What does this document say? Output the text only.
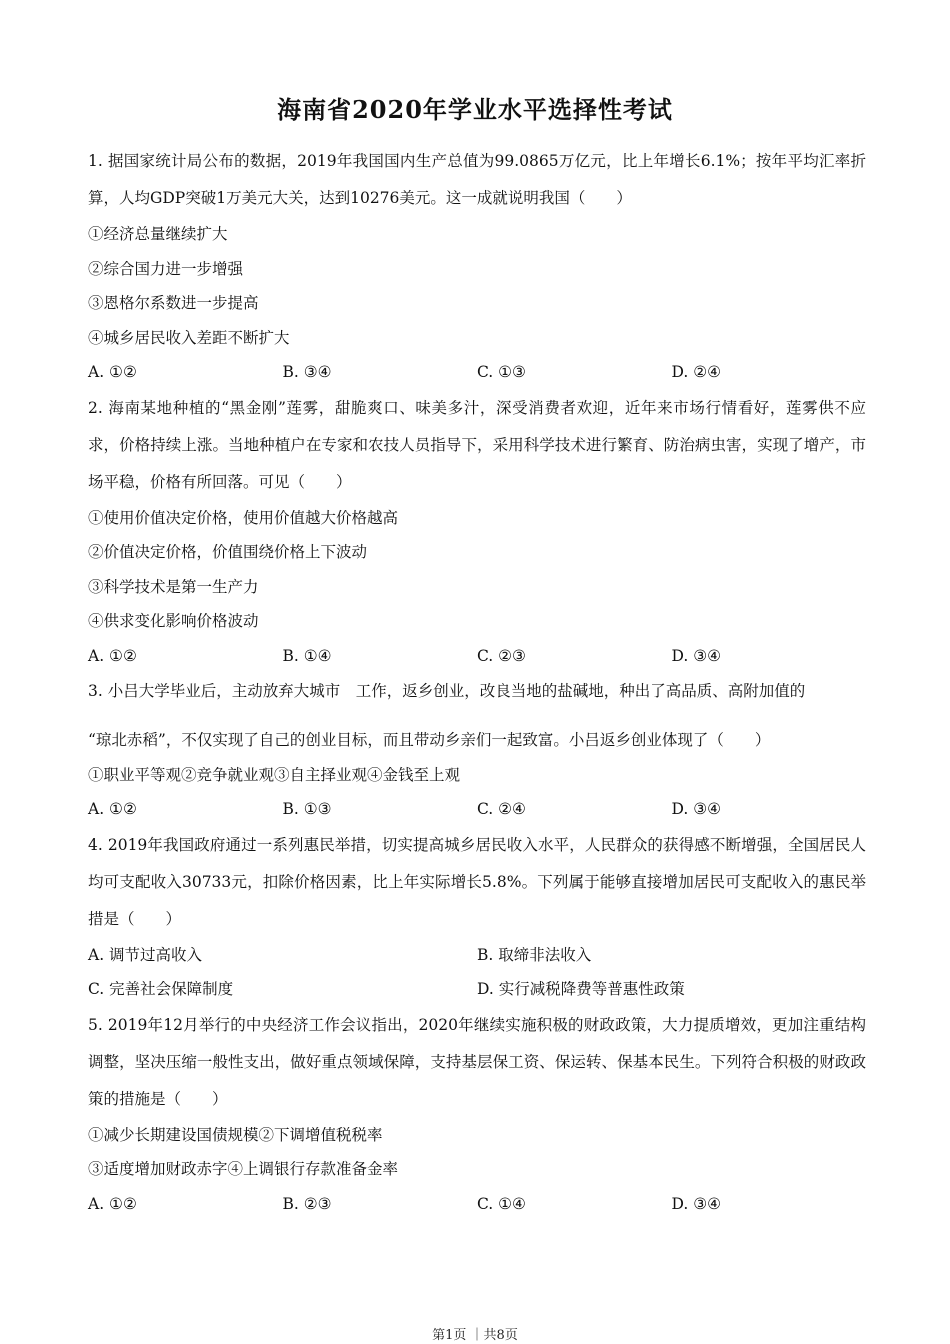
海南省2020年学业水平选择性考试
1. 据国家统计局公布的数据，2019年我国国内生产总值为99.0865万亿元，比上年增长6.1%；按年平均汇率折算，人均GDP突破1万美元大关，达到10276美元。这一成就说明我国（　　）
①经济总量继续扩大
②综合国力进一步增强
③恩格尔系数进一步提高
④城乡居民收入差距不断扩大
A. ①②	B. ③④	C. ①③	D. ②④
2. 海南某地种植的“黑金刚”莲雾，甜脆爽口、味美多汁，深受消费者欢迎，近年来市场行情看好，莲雾供不应求，价格持续上涨。当地种植户在专家和农技人员指导下，采用科学技术进行繁育、防治病虫害，实现了增产，市场平稳，价格有所回落。可见（　　）
①使用价值决定价格，使用价值越大价格越高
②价值决定价格，价值围绕价格上下波动
③科学技术是第一生产力
④供求变化影响价格波动
A. ①②	B. ①④	C. ②③	D. ③④
3. 小吕大学毕业后，主动放弃大城市　工作，返乡创业，改良当地的盐碱地，种出了高品质、高附加值的
“琼北赤稻”，不仅实现了自己的创业目标，而且带动乡亲们一起致富。小吕返乡创业体现了（　　）
①职业平等观②竞争就业观③自主择业观④金钱至上观
A. ①②	B. ①③	C. ②④	D. ③④
4. 2019年我国政府通过一系列惠民举措，切实提高城乡居民收入水平，人民群众的获得感不断增强，全国居民人均可支配收入30733元，扣除价格因素，比上年实际增长5.8%。下列属于能够直接增加居民可支配收入的惠民举措是（　　）
A. 调节过高收入	B. 取缔非法收入
C. 完善社会保障制度	D. 实行减税降费等普惠性政策
5. 2019年12月举行的中央经济工作会议指出，2020年继续实施积极的财政政策，大力提质增效，更加注重结构调整，坚决压缩一般性支出，做好重点领域保障，支持基层保工资、保运转、保基本民生。下列符合积极的财政政策的措施是（　　）
①减少长期建设国债规模②下调增值税税率
③适度增加财政赤字④上调银行存款准备金率
A. ①②	B. ②③	C. ①④	D. ③④
第1页 ｜共8页
